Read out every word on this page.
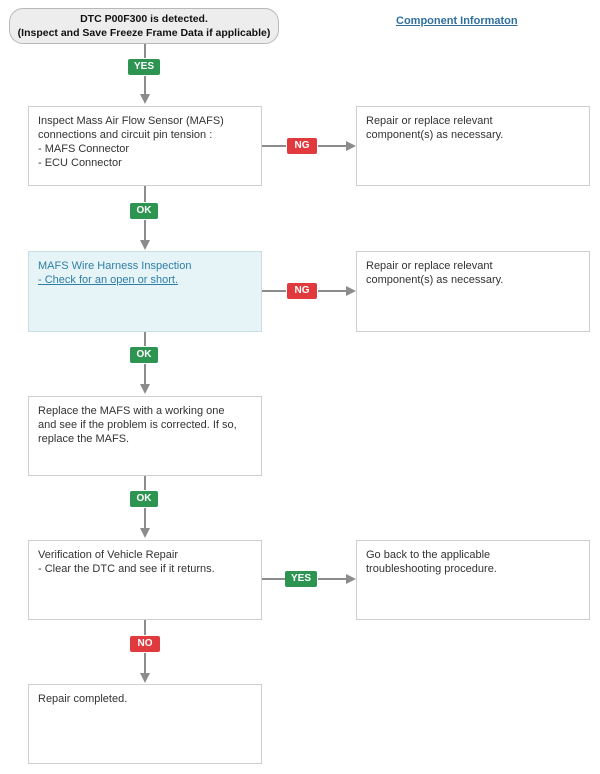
DTC P00F300 is detected.
(Inspect and Save Freeze Frame Data if applicable)
Component Informaton
Inspect Mass Air Flow Sensor (MAFS)
connections and circuit pin tension :
- MAFS Connector
- ECU Connector
Repair or replace relevant
component(s) as necessary.
MAFS Wire Harness Inspection
- Check for an open or short.
Repair or replace relevant
component(s) as necessary.
Replace the MAFS with a working one
and see if the problem is corrected. If so,
replace the MAFS.
Verification of Vehicle Repair
- Clear the DTC and see if it returns.
Go back to the applicable
troubleshooting procedure.
Repair completed.
YES
OK
NG
OK
NG
OK
YES
NO
